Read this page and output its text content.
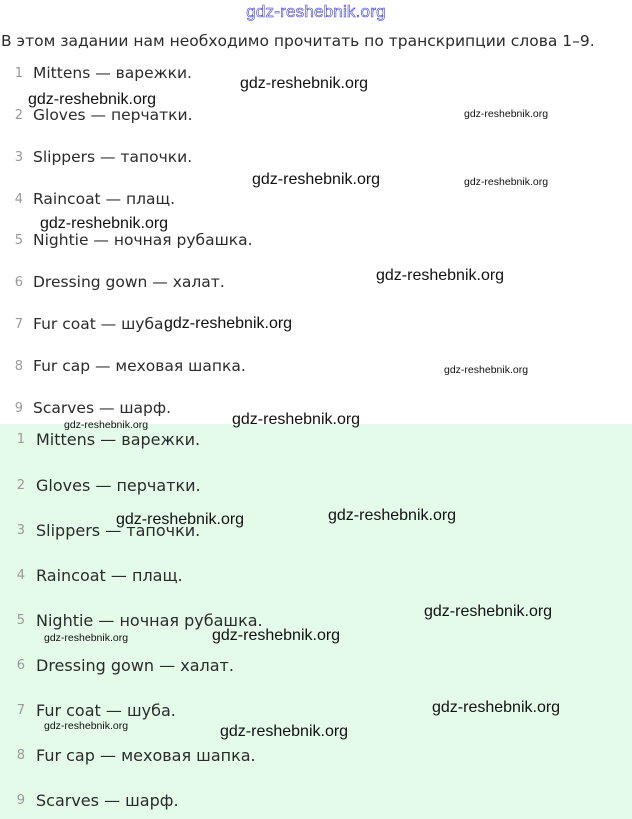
gdz-reshebnik.org
В этом задании нам необходимо прочитать по транскрипции слова 1–9.
1 Mittens — варежки.
2 Gloves — перчатки.
3 Slippers — тапочки.
4 Raincoat — плащ.
5 Nightie — ночная рубашка.
6 Dressing gown — халат.
7 Fur coat — шуба.
8 Fur cap — меховая шапка.
9 Scarves — шарф.
1 Mittens — варежки.
2 Gloves — перчатки.
3 Slippers — тапочки.
4 Raincoat — плащ.
5 Nightie — ночная рубашка.
6 Dressing gown — халат.
7 Fur coat — шуба.
8 Fur cap — меховая шапка.
9 Scarves — шарф.
gdz-reshebnik.org
gdz-reshebnik.org
gdz-reshebnik.org
gdz-reshebnik.org	gdz-reshebnik.org
gdz-reshebnik.org
gdz-reshebnik.org
gdz-reshebnik.org
gdz-reshebnik.org
gdz-reshebnik.org	gdz-reshebnik.org
gdz-reshebnik.org	gdz-reshebnik.org
gdz-reshebnik.org
gdz-reshebnik.org	gdz-reshebnik.org
gdz-reshebnik.org
gdz-reshebnik.org	gdz-reshebnik.org
